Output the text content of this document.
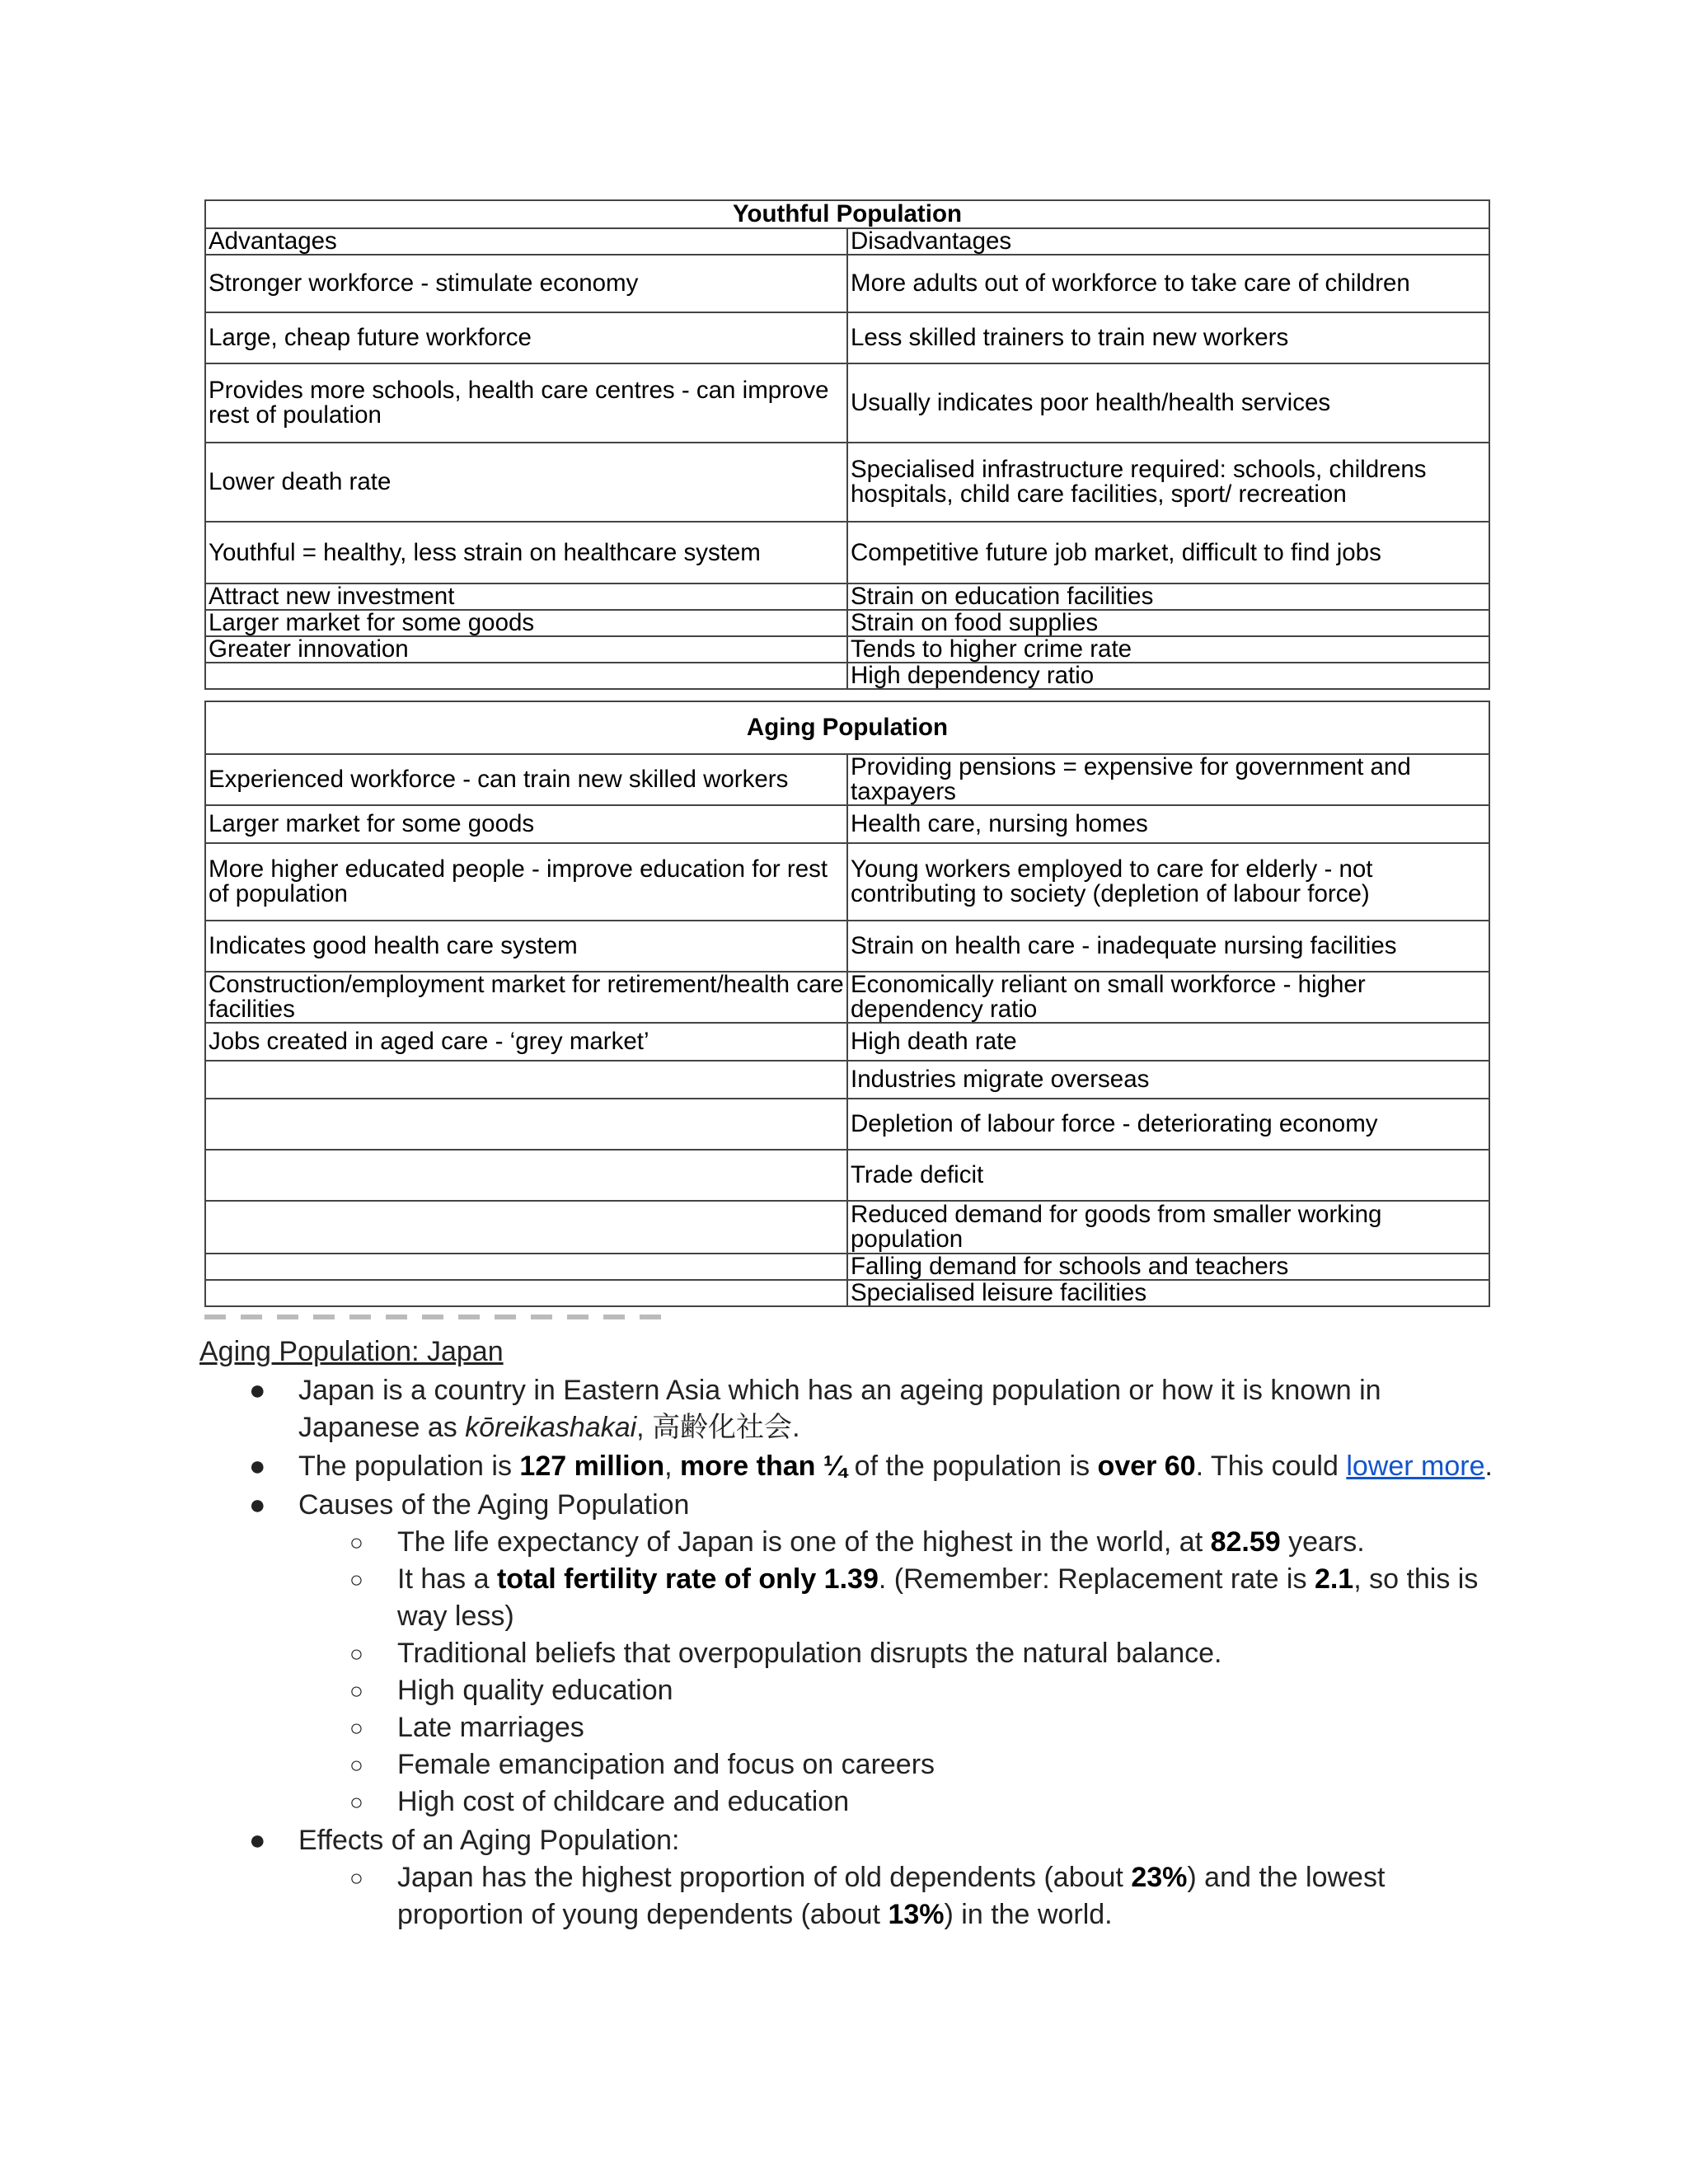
Youthful Population	
Advantages	Disadvantages
Stronger workforce - stimulate economy	More adults out of workforce to take care of children
Large, cheap future workforce	Less skilled trainers to train new workers
Provides more schools, health care centres - can improve rest of poulation	Usually indicates poor health/health services
Lower death rate	Specialised infrastructure required: schools, childrens hospitals, child care facilities, sport/ recreation
Youthful = healthy, less strain on healthcare system	Competitive future job market, difficult to find jobs
Attract new investment	Strain on education facilities
Larger market for some goods	Strain on food supplies
Greater innovation	Tends to higher crime rate
	High dependency ratio
Aging Population	
Experienced workforce - can train new skilled workers	Providing pensions = expensive for government and taxpayers
Larger market for some goods	Health care, nursing homes
More higher educated people - improve education for rest of population	Young workers employed to care for elderly - not contributing to society (depletion of labour force)
Indicates good health care system	Strain on health care - inadequate nursing facilities
Construction/employment market for retirement/health care facilities	Economically reliant on small workforce - higher dependency ratio
Jobs created in aged care - ‘grey market’	High death rate
	Industries migrate overseas
	Depletion of labour force - deteriorating economy
	Trade deficit
	Reduced demand for goods from smaller working population
	Falling demand for schools and teachers
	Specialised leisure facilities
Aging Population: Japan
● Japan is a country in Eastern Asia which has an ageing population or how it is known in Japanese as kōreikashakai, 高齢化社会.
● The population is 127 million, more than ¼ of the population is over 60. This could lower more.
● Causes of the Aging Population
○ The life expectancy of Japan is one of the highest in the world, at 82.59 years.
○ It has a total fertility rate of only 1.39. (Remember: Replacement rate is 2.1, so this is way less)
○ Traditional beliefs that overpopulation disrupts the natural balance.
○ High quality education
○ Late marriages
○ Female emancipation and focus on careers
○ High cost of childcare and education
● Effects of an Aging Population:
○ Japan has the highest proportion of old dependents (about 23%) and the lowest proportion of young dependents (about 13%) in the world.
